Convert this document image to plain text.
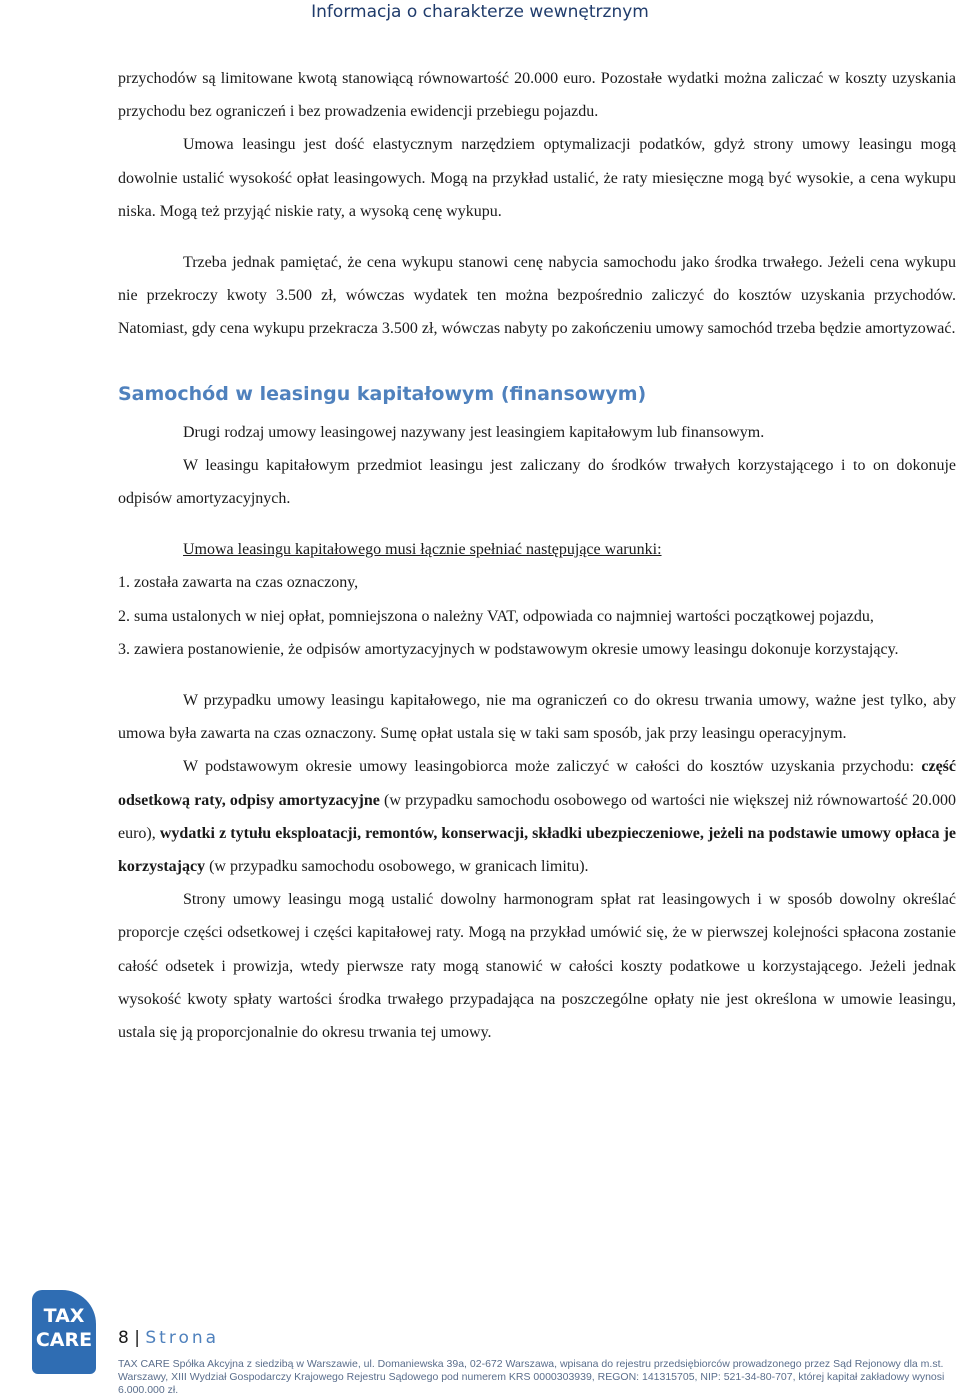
Informacja o charakterze wewnętrznym

przychodów są limitowane kwotą stanowiącą równowartość 20.000 euro. Pozostałe wydatki można zaliczać w koszty uzyskania przychodu bez ograniczeń i bez prowadzenia ewidencji przebiegu pojazdu.

Umowa leasingu jest dość elastycznym narzędziem optymalizacji podatków, gdyż strony umowy leasingu mogą dowolnie ustalić wysokość opłat leasingowych. Mogą na przykład ustalić, że raty miesięczne mogą być wysokie, a cena wykupu niska. Mogą też przyjąć niskie raty, a wysoką cenę wykupu.

Trzeba jednak pamiętać, że cena wykupu stanowi cenę nabycia samochodu jako środka trwałego. Jeżeli cena wykupu nie przekroczy kwoty 3.500 zł, wówczas wydatek ten można bezpośrednio zaliczyć do kosztów uzyskania przychodów. Natomiast, gdy cena wykupu przekracza 3.500 zł, wówczas nabyty po zakończeniu umowy samochód trzeba będzie amortyzować.

Samochód w leasingu kapitałowym (finansowym)

Drugi rodzaj umowy leasingowej nazywany jest leasingiem kapitałowym lub finansowym.

W leasingu kapitałowym przedmiot leasingu jest zaliczany do środków trwałych korzystającego i to on dokonuje odpisów amortyzacyjnych.

Umowa leasingu kapitałowego musi łącznie spełniać następujące warunki:

1. została zawarta na czas oznaczony,

2. suma ustalonych w niej opłat, pomniejszona o należny VAT, odpowiada co najmniej wartości początkowej pojazdu,

3. zawiera postanowienie, że odpisów amortyzacyjnych w podstawowym okresie umowy leasingu dokonuje korzystający.

W przypadku umowy leasingu kapitałowego, nie ma ograniczeń co do okresu trwania umowy, ważne jest tylko, aby umowa była zawarta na czas oznaczony. Sumę opłat ustala się w taki sam sposób, jak przy leasingu operacyjnym.

W podstawowym okresie umowy leasingobiorca może zaliczyć w całości do kosztów uzyskania przychodu: część odsetkową raty, odpisy amortyzacyjne (w przypadku samochodu osobowego od wartości nie większej niż równowartość 20.000 euro), wydatki z tytułu eksploatacji, remontów, konserwacji, składki ubezpieczeniowe, jeżeli na podstawie umowy opłaca je korzystający (w przypadku samochodu osobowego, w granicach limitu).

Strony umowy leasingu mogą ustalić dowolny harmonogram spłat rat leasingowych i w sposób dowolny określać proporcje części odsetkowej i części kapitałowej raty. Mogą na przykład umówić się, że w pierwszej kolejności spłacona zostanie całość odsetek i prowizja, wtedy pierwsze raty mogą stanowić w całości koszty podatkowe u korzystającego. Jeżeli jednak wysokość kwoty spłaty wartości środka trwałego przypadająca na poszczególne opłaty nie jest określona w umowie leasingu, ustala się ją proporcjonalnie do okresu trwania tej umowy.

TAX
CARE 8 | Strona
TAX CARE Spółka Akcyjna z siedzibą w Warszawie, ul. Domaniewska 39a, 02-672 Warszawa, wpisana do rejestru przedsiębiorców prowadzonego przez Sąd Rejonowy dla m.st. Warszawy, XIII Wydział Gospodarczy Krajowego Rejestru Sądowego pod numerem KRS 0000303939, REGON: 141315705, NIP: 521-34-80-707, której kapitał zakładowy wynosi 6.000.000 zł.
